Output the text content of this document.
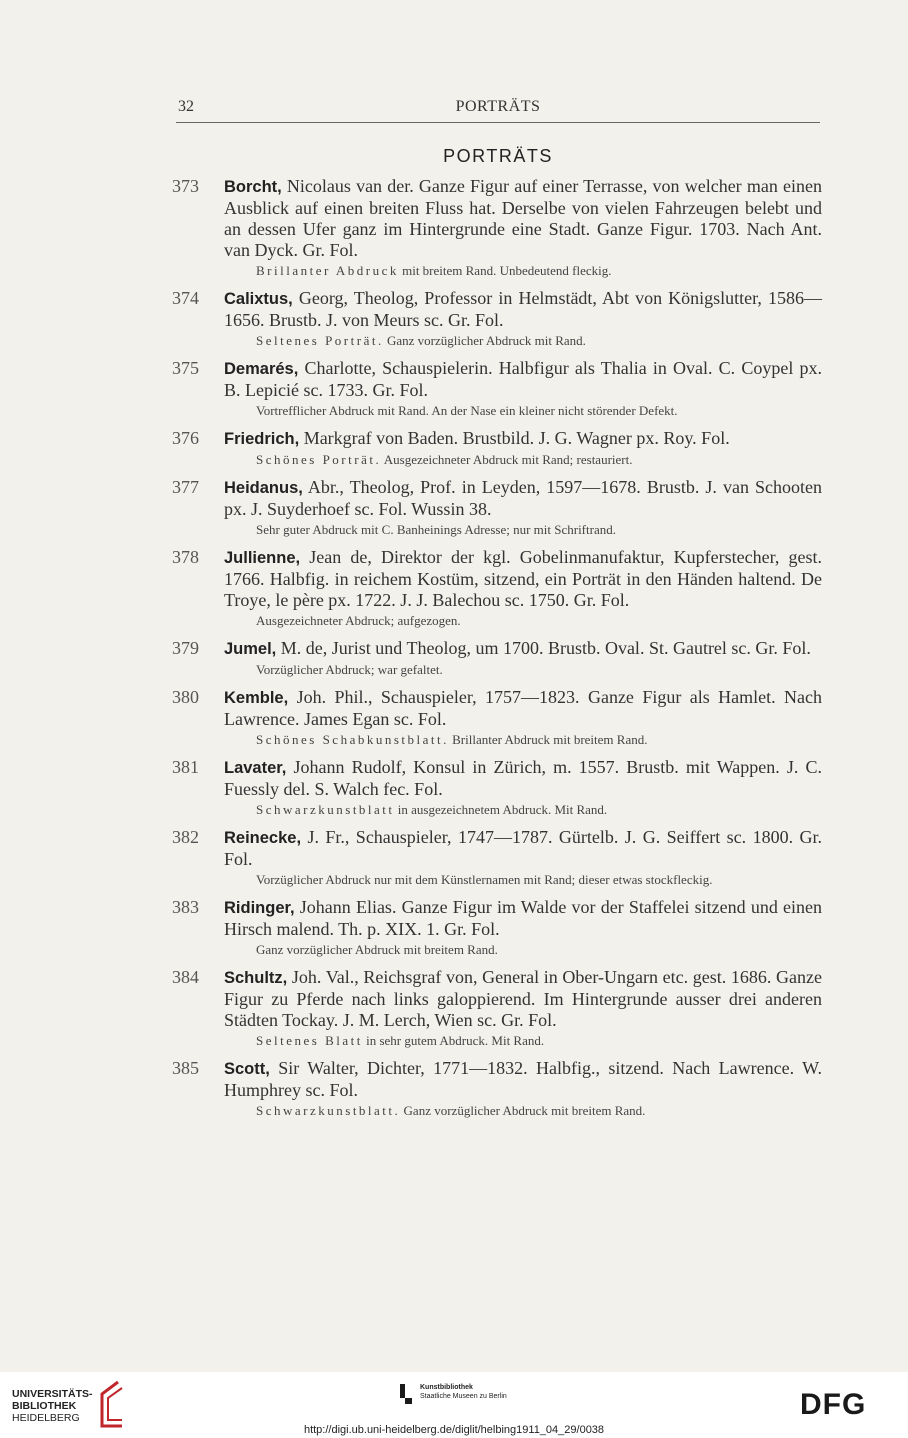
32	PORTRÄTS
PORTRÄTS
373 Borcht, Nicolaus van der. Ganze Figur auf einer Terrasse, von welcher man einen Ausblick auf einen breiten Fluss hat. Derselbe von vielen Fahrzeugen belebt und an dessen Ufer ganz im Hintergrunde eine Stadt. Ganze Figur. 1703. Nach Ant. van Dyck. Gr. Fol.
Brillanter Abdruck mit breitem Rand. Unbedeutend fleckig.
374 Calixtus, Georg, Theolog, Professor in Helmstädt, Abt von Königslutter, 1586—1656. Brustb. J. von Meurs sc. Gr. Fol.
Seltenes Porträt. Ganz vorzüglicher Abdruck mit Rand.
375 Demarés, Charlotte, Schauspielerin. Halbfigur als Thalia in Oval. C. Coypel px. B. Lepicié sc. 1733. Gr. Fol.
Vortrefflicher Abdruck mit Rand. An der Nase ein kleiner nicht störender Defekt.
376 Friedrich, Markgraf von Baden. Brustbild. J. G. Wagner px. Roy. Fol.
Schönes Porträt. Ausgezeichneter Abdruck mit Rand; restauriert.
377 Heidanus, Abr., Theolog, Prof. in Leyden, 1597—1678. Brustb. J. van Schooten px. J. Suyderhoef sc. Fol. Wussin 38.
Sehr guter Abdruck mit C. Banheinings Adresse; nur mit Schriftrand.
378 Jullienne, Jean de, Direktor der kgl. Gobelinmanufaktur, Kupferstecher, gest. 1766. Halbfig. in reichem Kostüm, sitzend, ein Porträt in den Händen haltend. De Troye, le père px. 1722. J. J. Balechou sc. 1750. Gr. Fol.
Ausgezeichneter Abdruck; aufgezogen.
379 Jumel, M. de, Jurist und Theolog, um 1700. Brustb. Oval. St. Gautrel sc. Gr. Fol.
Vorzüglicher Abdruck; war gefaltet.
380 Kemble, Joh. Phil., Schauspieler, 1757—1823. Ganze Figur als Hamlet. Nach Lawrence. James Egan sc. Fol.
Schönes Schabkunstblatt. Brillanter Abdruck mit breitem Rand.
381 Lavater, Johann Rudolf, Konsul in Zürich, m. 1557. Brustb. mit Wappen. J. C. Fuessly del. S. Walch fec. Fol.
Schwarzkunstblatt in ausgezeichnetem Abdruck. Mit Rand.
382 Reinecke, J. Fr., Schauspieler, 1747—1787. Gürtelb. J. G. Seiffert sc. 1800. Gr. Fol.
Vorzüglicher Abdruck nur mit dem Künstlernamen mit Rand; dieser etwas stockfleckig.
383 Ridinger, Johann Elias. Ganze Figur im Walde vor der Staffelei sitzend und einen Hirsch malend. Th. p. XIX. 1. Gr. Fol.
Ganz vorzüglicher Abdruck mit breitem Rand.
384 Schultz, Joh. Val., Reichsgraf von, General in Ober-Ungarn etc. gest. 1686. Ganze Figur zu Pferde nach links galoppierend. Im Hintergrunde ausser drei anderen Städten Tockay. J. M. Lerch, Wien sc. Gr. Fol.
Seltenes Blatt in sehr gutem Abdruck. Mit Rand.
385 Scott, Sir Walter, Dichter, 1771—1832. Halbfig., sitzend. Nach Lawrence. W. Humphrey sc. Fol.
Schwarzkunstblatt. Ganz vorzüglicher Abdruck mit breitem Rand.
UNIVERSITÄTS-
BIBLIOTHEK
HEIDELBERG
Kunstbibliothek
Staatliche Museen zu Berlin	DFG
http://digi.ub.uni-heidelberg.de/diglit/helbing1911_04_29/0038
